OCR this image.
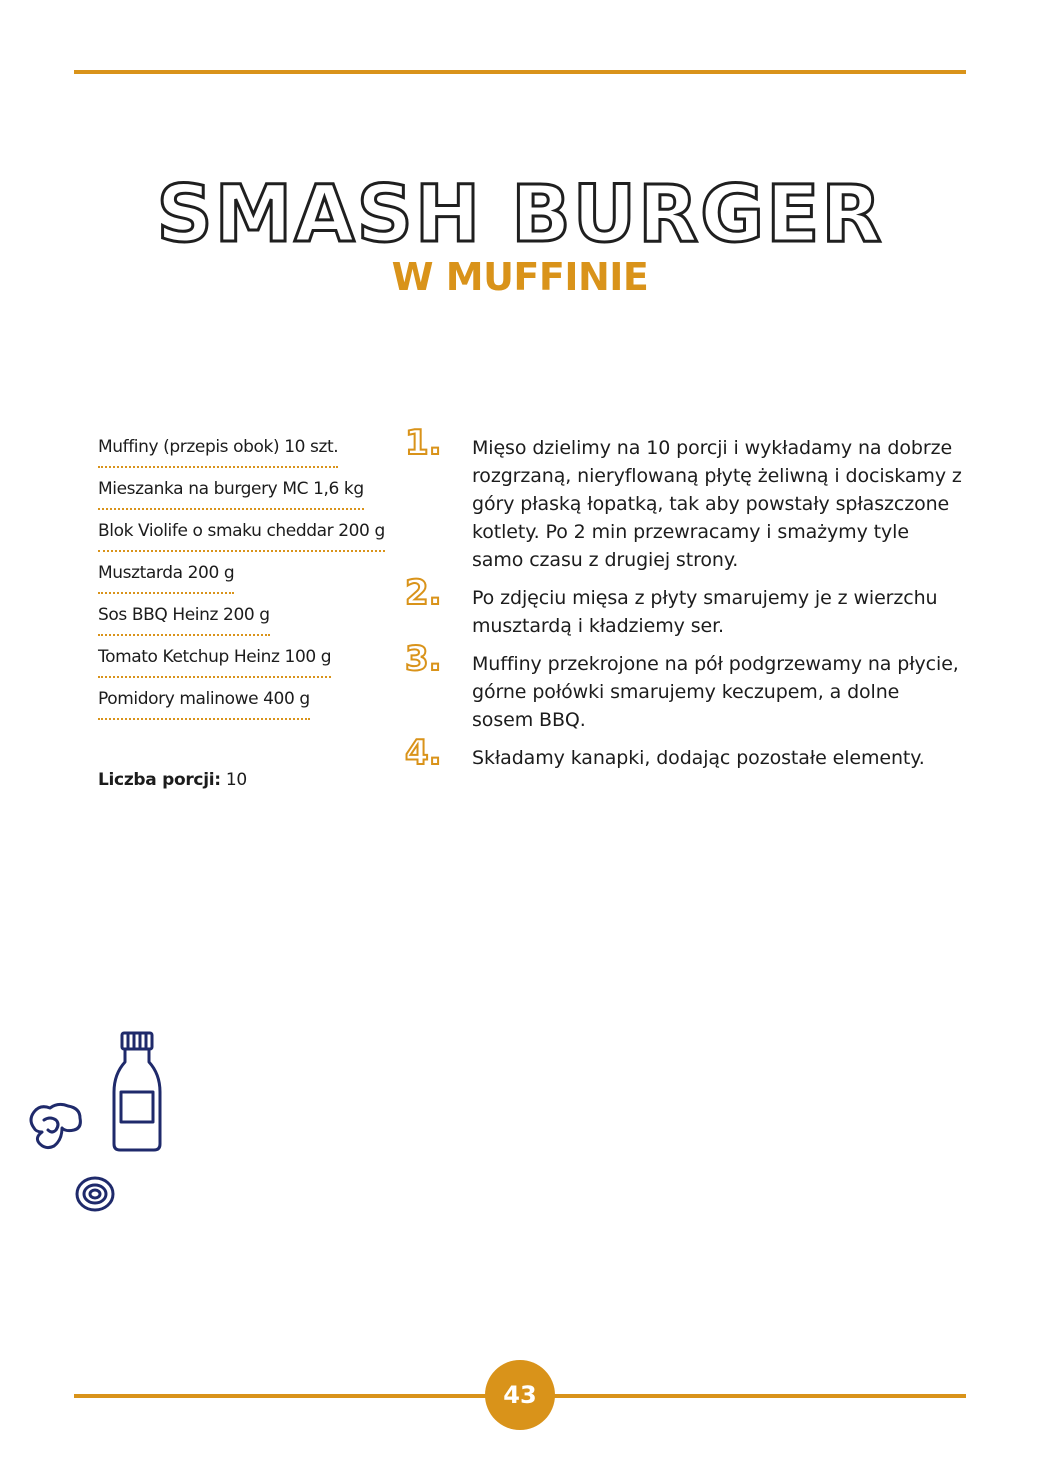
SMASH BURGER
W MUFFINIE
Muffiny (przepis obok) 10 szt.
Mieszanka na burgery MC 1,6 kg
Blok Violife o smaku cheddar 200 g
Musztarda 200 g
Sos BBQ Heinz 200 g
Tomato Ketchup Heinz 100 g
Pomidory malinowe 400 g
Liczba porcji: 10
1. Mięso dzielimy na 10 porcji i wykładamy na dobrze rozgrzaną, nieryflowaną płytę żeliwną i dociskamy z góry płaską łopatką, tak aby powstały spłaszczone kotlety. Po 2 min przewracamy i smażymy tyle samo czasu z drugiej strony.

2. Po zdjęciu mięsa z płyty smarujemy je z wierzchu musztardą i kładziemy ser.

3. Muffiny przekrojone na pół podgrzewamy na płycie, górne połówki smarujemy keczupem, a dolne sosem BBQ.

4. Składamy kanapki, dodając pozostałe elementy.

43
